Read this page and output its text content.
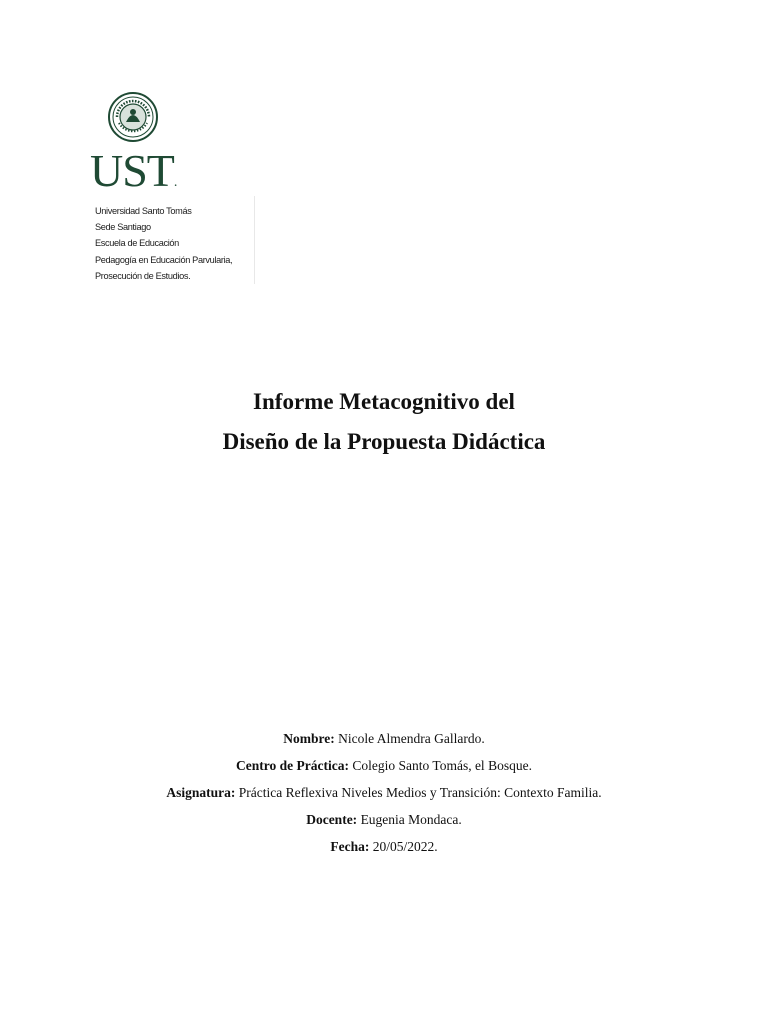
UST.
Universidad Santo Tomás
Sede Santiago
Escuela de Educación
Pedagogía en Educación Parvularia,
Prosecución de Estudios.
Informe Metacognitivo del
Diseño de la Propuesta Didáctica
Nombre: Nicole Almendra Gallardo.
Centro de Práctica: Colegio Santo Tomás, el Bosque.
Asignatura: Práctica Reflexiva Niveles Medios y Transición: Contexto Familia.
Docente: Eugenia Mondaca.
Fecha: 20/05/2022.
